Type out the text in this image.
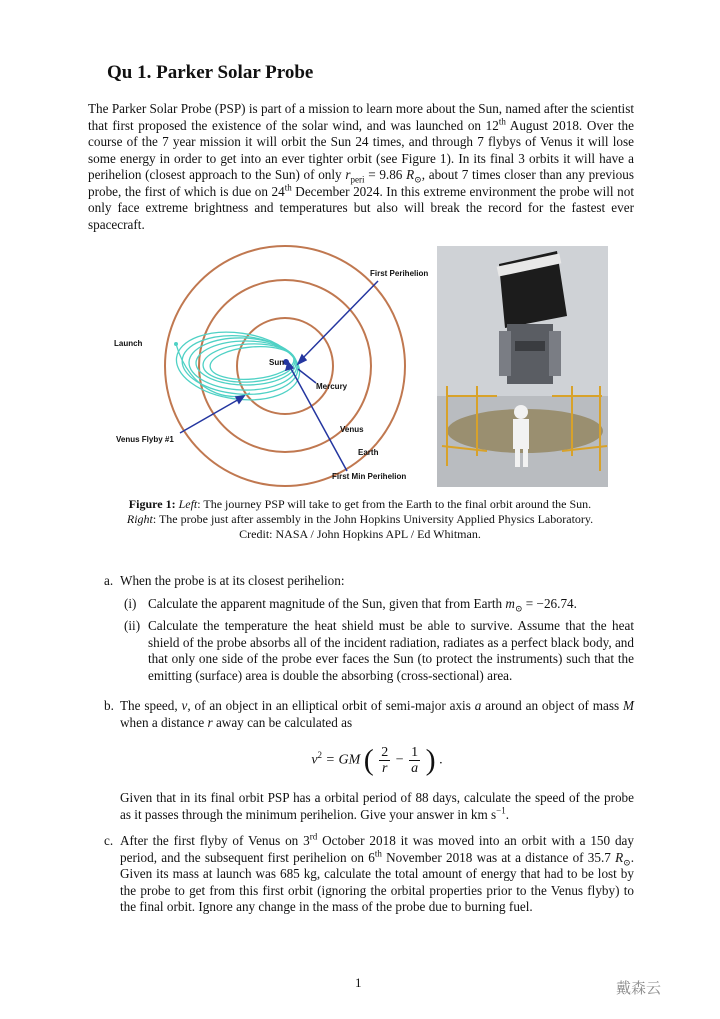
Qu 1. Parker Solar Probe

The Parker Solar Probe (PSP) is part of a mission to learn more about the Sun, named after the scientist that first proposed the existence of the solar wind, and was launched on 12th August 2018. Over the course of the 7 year mission it will orbit the Sun 24 times, and through 7 flybys of Venus it will lose some energy in order to get into an ever tighter orbit (see Figure 1). In its final 3 orbits it will have a perihelion (closest approach to the Sun) of only $r_{peri} = 9.86$ $R_⊙$, about 7 times closer than any previous probe, the first of which is due on 24th December 2024. In this extreme environment the probe will not only face extreme brightness and temperatures but also will break the record for the fastest ever spacecraft.

First Perihelion
Launch
Sun
Mercury
Venus
Earth
Venus Flyby #1
First Min Perihelion

Figure 1: Left: The journey PSP will take to get from the Earth to the final orbit around the Sun.
Right: The probe just after assembly in the John Hopkins University Applied Physics Laboratory.
Credit: NASA / John Hopkins APL / Ed Whitman.

a. When the probe is at its closest perihelion:
(i) Calculate the apparent magnitude of the Sun, given that from Earth $m_⊙ = -26.74$.
(ii) Calculate the temperature the heat shield must be able to survive. Assume that the heat shield of the probe absorbs all of the incident radiation, radiates as a perfect black body, and that only one side of the probe ever faces the Sun (to protect the instruments) such that the emitting (surface) area is double the absorbing (cross-sectional) area.
b. The speed, v, of an object in an elliptical orbit of semi-major axis a around an object of mass M when a distance r away can be calculated as
$v^2$ = GM ( $\frac{2}{r} - \frac{1}{a}$ ) .
Given that in its final orbit PSP has a orbital period of 88 days, calculate the speed of the probe as it passes through the minimum perihelion. Give your answer in km $s^{-1}$.
c. After the first flyby of Venus on 3rd October 2018 it was moved into an orbit with a 150 day period, and the subsequent first perihelion on 6th November 2018 was at a distance of 35.7 $R_⊙$. Given its mass at launch was 685 kg, calculate the total amount of energy that had to be lost by the probe to get from this first orbit (ignoring the orbital properties prior to the Venus flyby) to the final orbit. Ignore any change in the mass of the probe due to burning fuel.
1	戴森云
